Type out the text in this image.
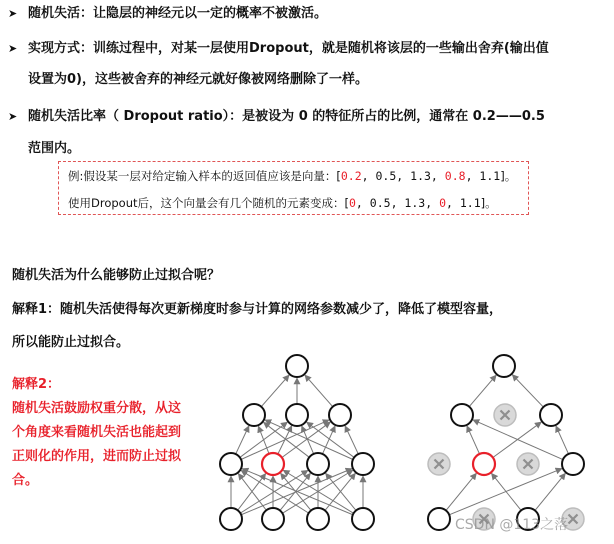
➤ 随机失活：让隐层的神经元以一定的概率不被激活。
➤ 实现方式：训练过程中，对某一层使用Dropout，就是随机将该层的一些输出舍弃(输出值
设置为0)，这些被舍弃的神经元就好像被网络删除了一样。
➤ 随机失活比率（ Dropout ratio）：是被设为 0 的特征所占的比例，通常在 0.2——0.5
范围内。
例:假设某一层对给定输入样本的返回值应该是向量：[0.2, 0.5, 1.3, 0.8, 1.1]。
使用Dropout后，这个向量会有几个随机的元素变成：[0, 0.5, 1.3, 0, 1.1]。
随机失活为什么能够防止过拟合呢？
解释1：随机失活使得每次更新梯度时参与计算的网络参数减少了，降低了模型容量，
所以能防止过拟合。
解释2：
随机失活鼓励权重分散，从这
个角度来看随机失活也能起到
正则化的作用，进而防止过拟
合。
CSDN @113之落
